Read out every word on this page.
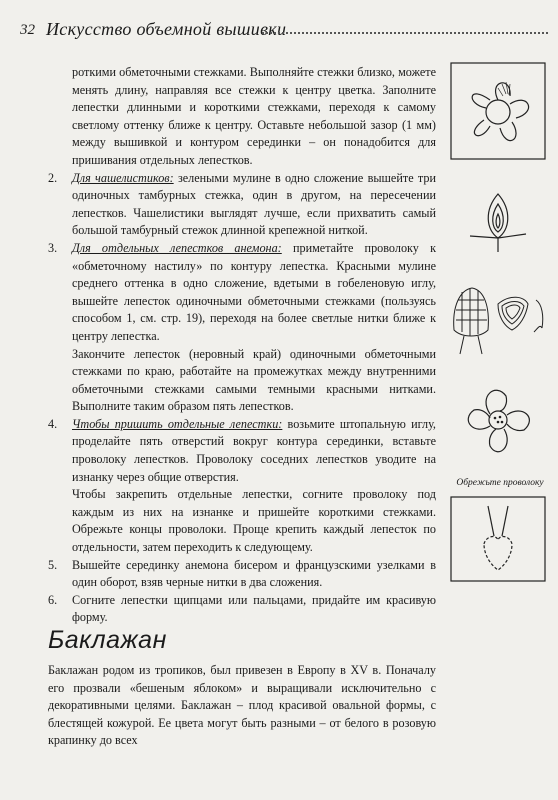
32 Искусство объемной вышивки

роткими обметочными стежками. Выполняйте стежки близко, можете менять длину, направляя все стежки к центру цветка. Заполните лепестки длинными и короткими стежками, переходя к самому светлому оттенку ближе к центру. Оставьте небольшой зазор (1 мм) между вышивкой и контуром серединки – он понадобится для пришивания отдельных лепестков.

2. Для чашелистиков: зелеными мулине в одно сложение вышейте три одиночных тамбурных стежка, один в другом, на пересечении лепестков. Чашелистики выглядят лучше, если прихватить самый большой тамбурный стежок длинной крепежной ниткой.

3. Для отдельных лепестков анемона: приметайте проволоку к «обметочному настилу» по контуру лепестка. Красными мулине среднего оттенка в одно сложение, вдетыми в гобеленовую иглу, вышейте лепесток одиночными обметочными стежками (пользуясь способом 1, см. стр. 19), переходя на более светлые нитки ближе к центру лепестка.

Закончите лепесток (неровный край) одиночными обметочными стежками по краю, работайте на промежутках между внутренними обметочными стежками самыми темными красными нитками. Выполните таким образом пять лепестков.

4. Чтобы пришить отдельные лепестки: возьмите штопальную иглу, проделайте пять отверстий вокруг контура серединки, вставьте проволоку лепестков. Проволоку соседних лепестков уводите на изнанку через общие отверстия.

Чтобы закрепить отдельные лепестки, согните проволоку под каждым из них на изнанке и пришейте короткими стежками. Обрежьте концы проволоки. Проще крепить каждый лепесток по отдельности, затем переходить к следующему.

5. Вышейте серединку анемона бисером и французскими узелками в один оборот, взяв черные нитки в два сложения.

6. Согните лепестки щипцами или пальцами, придайте им красивую форму.

Баклажан

Баклажан родом из тропиков, был привезен в Европу в XV в. Поначалу его прозвали «бешеным яблоком» и выращивали исключительно с декоративными целями. Баклажан – плод красивой овальной формы, с блестящей кожурой. Ее цвета могут быть разными – от белого в розовую крапинку до всех

Обрежьте проволоку
